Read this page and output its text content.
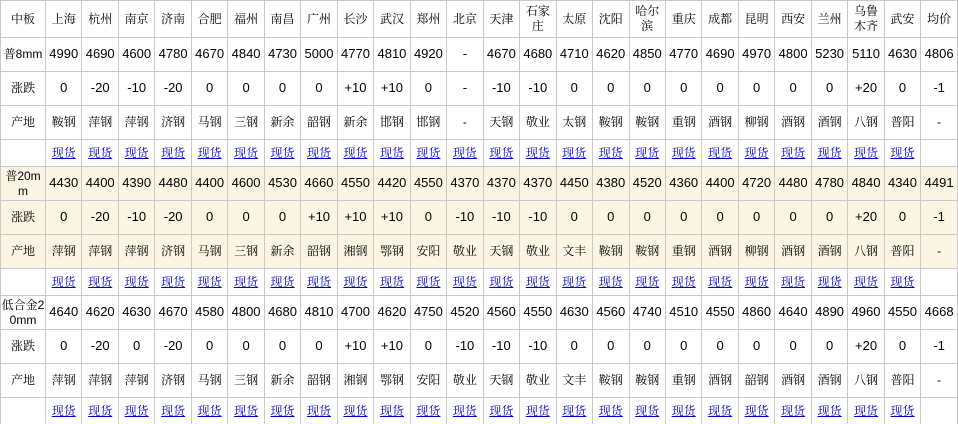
中板	上海	杭州	南京	济南	合肥	福州	南昌	广州	长沙	武汉	郑州	北京	天津	石家庄	太原	沈阳	哈尔滨	重庆	成都	昆明	西安	兰州	乌鲁木齐	武安	均价
普8mm	4990	4690	4600	4780	4670	4840	4730	5000	4770	4810	4920	-	4670	4680	4710	4620	4850	4770	4690	4970	4800	5230	5110	4630	4806
涨跌	0	-20	-10	-20	0	0	0	0	+10	+10	0	-	-10	-10	0	0	0	0	0	0	0	0	+20	0	-1
产地	鞍钢	萍钢	萍钢	济钢	马钢	三钢	新余	韶钢	新余	邯钢	邯钢	-	天钢	敬业	太钢	鞍钢	鞍钢	重钢	酒钢	柳钢	酒钢	酒钢	八钢	普阳	-
	现货	现货	现货	现货	现货	现货	现货	现货	现货	现货	现货	现货	现货	现货	现货	现货	现货	现货	现货	现货	现货	现货	现货	现货	
普20mm	4430	4400	4390	4480	4400	4600	4530	4660	4550	4420	4550	4370	4370	4370	4450	4380	4520	4360	4400	4720	4480	4780	4840	4340	4491
涨跌	0	-20	-10	-20	0	0	0	+10	+10	+10	0	-10	-10	-10	0	0	0	0	0	0	0	0	+20	0	-1
产地	萍钢	萍钢	萍钢	济钢	马钢	三钢	新余	韶钢	湘钢	鄂钢	安阳	敬业	天钢	敬业	文丰	鞍钢	鞍钢	重钢	酒钢	柳钢	酒钢	酒钢	八钢	普阳	-
	现货	现货	现货	现货	现货	现货	现货	现货	现货	现货	现货	现货	现货	现货	现货	现货	现货	现货	现货	现货	现货	现货	现货	现货	
低合金20mm	4640	4620	4630	4670	4580	4800	4680	4810	4700	4620	4750	4520	4560	4550	4630	4560	4740	4510	4550	4860	4640	4890	4960	4550	4668
涨跌	0	-20	0	-20	0	0	0	0	+10	+10	0	-10	-10	-10	0	0	0	0	0	0	0	0	+20	0	-1
产地	萍钢	萍钢	萍钢	济钢	马钢	三钢	新余	韶钢	湘钢	鄂钢	安阳	敬业	天钢	敬业	文丰	鞍钢	鞍钢	重钢	酒钢	韶钢	酒钢	酒钢	八钢	普阳	-
	现货	现货	现货	现货	现货	现货	现货	现货	现货	现货	现货	现货	现货	现货	现货	现货	现货	现货	现货	现货	现货	现货	现货	现货	
